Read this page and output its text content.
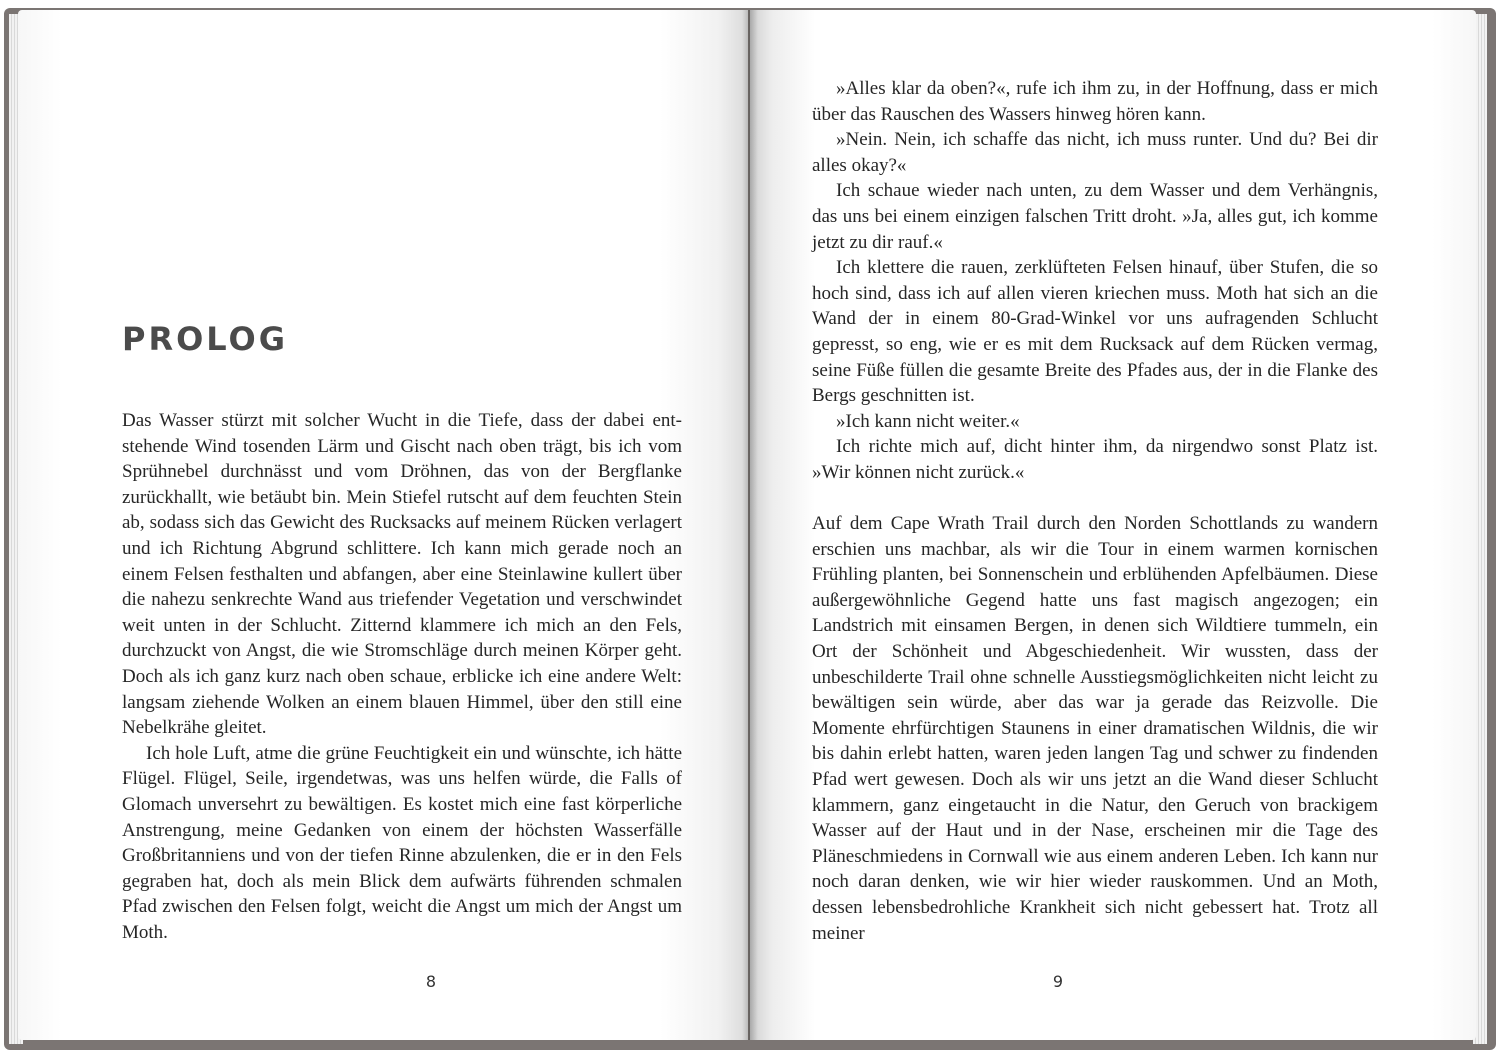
PROLOG

Das Wasser stürzt mit solcher Wucht in die Tiefe, dass der dabei entstehende Wind tosenden Lärm und Gischt nach oben trägt, bis ich vom Sprühnebel durchnässt und vom Dröhnen, das von der Bergflanke zurückhallt, wie betäubt bin. Mein Stiefel rutscht auf dem feuchten Stein ab, sodass sich das Gewicht des Rucksacks auf meinem Rücken verlagert und ich Richtung Abgrund schlittere. Ich kann mich gerade noch an einem Felsen festhalten und abfangen, aber eine Steinlawine kullert über die nahezu senkrechte Wand aus triefender Vegetation und verschwindet weit unten in der Schlucht. Zitternd klammere ich mich an den Fels, durchzuckt von Angst, die wie Stromschläge durch meinen Körper geht. Doch als ich ganz kurz nach oben schaue, erblicke ich eine andere Welt: langsam ziehende Wolken an einem blauen Himmel, über den still eine Nebelkrähe gleitet.

Ich hole Luft, atme die grüne Feuchtigkeit ein und wünschte, ich hätte Flügel. Flügel, Seile, irgendetwas, was uns helfen würde, die Falls of Glomach unversehrt zu bewältigen. Es kostet mich eine fast körperliche Anstrengung, meine Gedanken von einem der höchsten Wasserfälle Großbritanniens und von der tiefen Rinne abzulenken, die er in den Fels gegraben hat, doch als mein Blick dem aufwärts führenden schmalen Pfad zwischen den Felsen folgt, weicht die Angst um mich der Angst um Moth.

8

»Alles klar da oben?«, rufe ich ihm zu, in der Hoffnung, dass er mich über das Rauschen des Wassers hinweg hören kann.

»Nein. Nein, ich schaffe das nicht, ich muss runter. Und du? Bei dir alles okay?«

Ich schaue wieder nach unten, zu dem Wasser und dem Verhängnis, das uns bei einem einzigen falschen Tritt droht. »Ja, alles gut, ich komme jetzt zu dir rauf.«

Ich klettere die rauen, zerklüfteten Felsen hinauf, über Stufen, die so hoch sind, dass ich auf allen vieren kriechen muss. Moth hat sich an die Wand der in einem 80-Grad-Winkel vor uns aufragenden Schlucht gepresst, so eng, wie er es mit dem Rucksack auf dem Rücken vermag, seine Füße füllen die gesamte Breite des Pfades aus, der in die Flanke des Bergs geschnitten ist.

»Ich kann nicht weiter.«

Ich richte mich auf, dicht hinter ihm, da nirgendwo sonst Platz ist. »Wir können nicht zurück.«

Auf dem Cape Wrath Trail durch den Norden Schottlands zu wandern erschien uns machbar, als wir die Tour in einem warmen kornischen Frühling planten, bei Sonnenschein und erblühenden Apfelbäumen. Diese außergewöhnliche Gegend hatte uns fast magisch angezogen; ein Landstrich mit einsamen Bergen, in denen sich Wildtiere tummeln, ein Ort der Schönheit und Abgeschiedenheit. Wir wussten, dass der unbeschilderte Trail ohne schnelle Ausstiegsmöglichkeiten nicht leicht zu bewältigen sein würde, aber das war ja gerade das Reizvolle. Die Momente ehrfürchtigen Staunens in einer dramatischen Wildnis, die wir bis dahin erlebt hatten, waren jeden langen Tag und schwer zu findenden Pfad wert gewesen. Doch als wir uns jetzt an die Wand dieser Schlucht klammern, ganz eingetaucht in die Natur, den Geruch von brackigem Wasser auf der Haut und in der Nase, erscheinen mir die Tage des Pläneschmiedens in Cornwall wie aus einem anderen Leben. Ich kann nur noch daran denken, wie wir hier wieder rauskommen. Und an Moth, dessen lebensbedrohliche Krankheit sich nicht gebessert hat. Trotz all meiner

9
